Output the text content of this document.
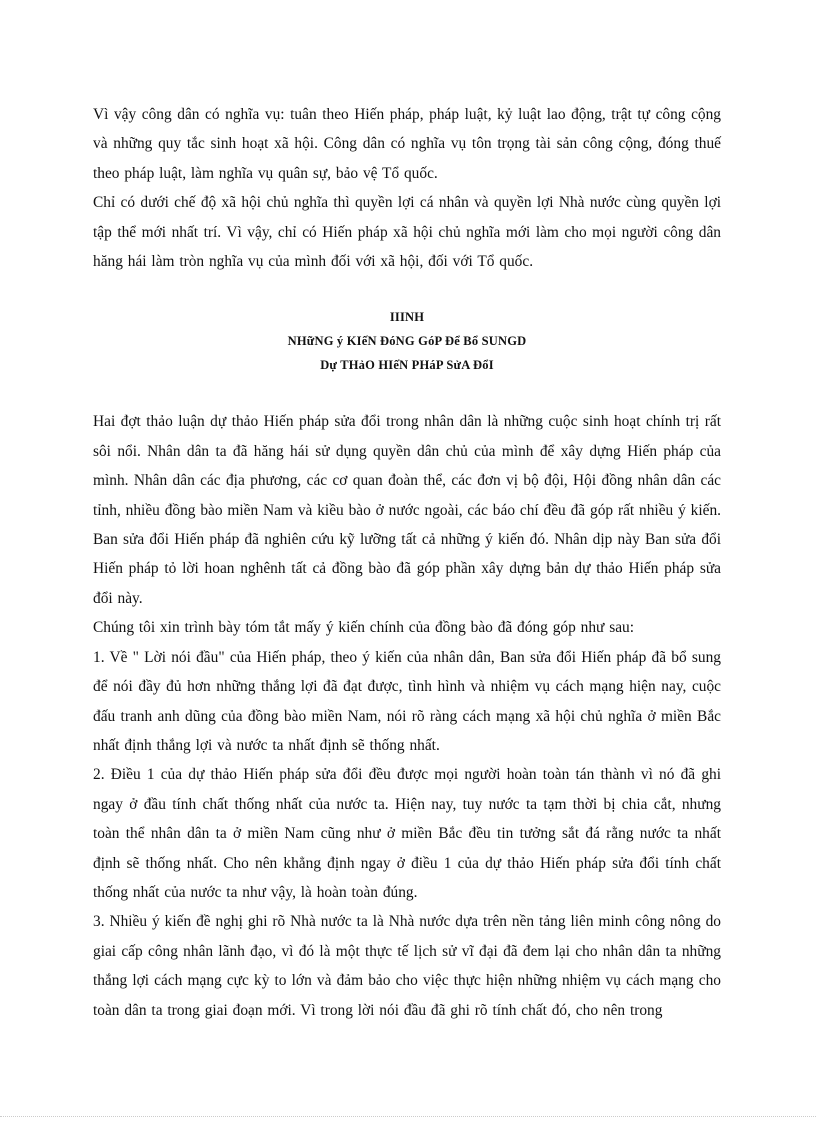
Vì vậy công dân có nghĩa vụ: tuân theo Hiến pháp, pháp luật, kỷ luật lao động, trật tự công cộng và những quy tắc sinh hoạt xã hội. Công dân có nghĩa vụ tôn trọng tài sản công cộng, đóng thuế theo pháp luật, làm nghĩa vụ quân sự, bảo vệ Tổ quốc.

Chỉ có dưới chế độ xã hội chủ nghĩa thì quyền lợi cá nhân và quyền lợi Nhà nước cùng quyền lợi tập thể mới nhất trí. Vì vậy, chỉ có Hiến pháp xã hội chủ nghĩa mới làm cho mọi người công dân hăng hái làm tròn nghĩa vụ của mình đối với xã hội, đối với Tổ quốc.

IIINH
NHữNG ý KIếN ĐóNG GóP Để Bổ SUNGD
Dự THảO HIếN PHáP SửA ĐổI

Hai đợt thảo luận dự thảo Hiến pháp sửa đổi trong nhân dân là những cuộc sinh hoạt chính trị rất sôi nổi. Nhân dân ta đã hăng hái sử dụng quyền dân chủ của mình để xây dựng Hiến pháp của mình. Nhân dân các địa phương, các cơ quan đoàn thể, các đơn vị bộ đội, Hội đồng nhân dân các tỉnh, nhiều đồng bào miền Nam và kiều bào ở nước ngoài, các báo chí đều đã góp rất nhiều ý kiến. Ban sửa đổi Hiến pháp đã nghiên cứu kỹ lưỡng tất cả những ý kiến đó. Nhân dịp này Ban sửa đổi Hiến pháp tỏ lời hoan nghênh tất cả đồng bào đã góp phần xây dựng bản dự thảo Hiến pháp sửa đổi này.

Chúng tôi xin trình bày tóm tắt mấy ý kiến chính của đồng bào đã đóng góp như sau:

1. Về " Lời nói đầu" của Hiến pháp, theo ý kiến của nhân dân, Ban sửa đổi Hiến pháp đã bổ sung để nói đầy đủ hơn những thắng lợi đã đạt được, tình hình và nhiệm vụ cách mạng hiện nay, cuộc đấu tranh anh dũng của đồng bào miền Nam, nói rõ ràng cách mạng xã hội chủ nghĩa ở miền Bắc nhất định thắng lợi và nước ta nhất định sẽ thống nhất.

2. Điều 1 của dự thảo Hiến pháp sửa đổi đều được mọi người hoàn toàn tán thành vì nó đã ghi ngay ở đầu tính chất thống nhất của nước ta. Hiện nay, tuy nước ta tạm thời bị chia cắt, nhưng toàn thể nhân dân ta ở miền Nam cũng như ở miền Bắc đều tin tưởng sắt đá rằng nước ta nhất định sẽ thống nhất. Cho nên khẳng định ngay ở điều 1 của dự thảo Hiến pháp sửa đổi tính chất thống nhất của nước ta như vậy, là hoàn toàn đúng.

3. Nhiều ý kiến đề nghị ghi rõ Nhà nước ta là Nhà nước dựa trên nền tảng liên minh công nông do giai cấp công nhân lãnh đạo, vì đó là một thực tế lịch sử vĩ đại đã đem lại cho nhân dân ta những thắng lợi cách mạng cực kỳ to lớn và đảm bảo cho việc thực hiện những nhiệm vụ cách mạng cho toàn dân ta trong giai đoạn mới. Vì trong lời nói đầu đã ghi rõ tính chất đó, cho nên trong
